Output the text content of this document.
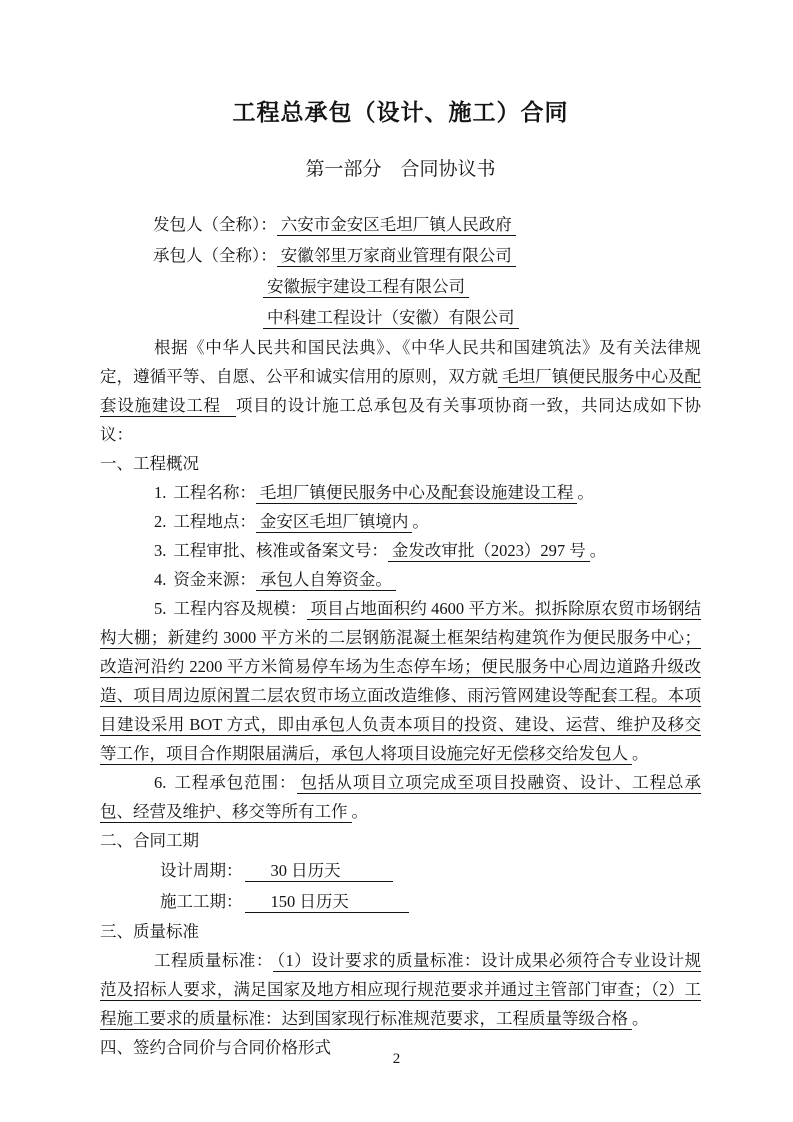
工程总承包（设计、施工）合同
第一部分　合同协议书
发包人（全称）： 六安市金安区毛坦厂镇人民政府
承包人（全称）： 安徽邻里万家商业管理有限公司
安徽振宇建设工程有限公司
中科建工程设计（安徽）有限公司

根据《中华人民共和国民法典》、《中华人民共和国建筑法》及有关法律规定，遵循平等、自愿、公平和诚实信用的原则，双方就 毛坦厂镇便民服务中心及配套设施建设工程 项目的设计施工总承包及有关事项协商一致，共同达成如下协议：

一、工程概况

1. 工程名称： 毛坦厂镇便民服务中心及配套设施建设工程 。

2. 工程地点： 金安区毛坦厂镇境内 。

3. 工程审批、核准或备案文号： 金发改审批（2023）297 号 。

4. 资金来源： 承包人自筹资金。

5. 工程内容及规模： 项目占地面积约 4600 平方米。拟拆除原农贸市场钢结构大棚；新建约 3000 平方米的二层钢筋混凝土框架结构建筑作为便民服务中心；改造河沿约 2200 平方米简易停车场为生态停车场；便民服务中心周边道路升级改造、项目周边原闲置二层农贸市场立面改造维修、雨污管网建设等配套工程。本项目建设采用 BOT 方式，即由承包人负责本项目的投资、建设、运营、维护及移交等工作，项目合作期限届满后，承包人将项目设施完好无偿移交给发包人 。

6. 工程承包范围： 包括从项目立项完成至项目投融资、设计、工程总承包、经营及维护、移交等所有工作 。

二、合同工期

设计周期： 30 日历天

施工工期： 150 日历天

三、质量标准

工程质量标准： （1）设计要求的质量标准：设计成果必须符合专业设计规范及招标人要求，满足国家及地方相应现行规范要求并通过主管部门审查；（2）工程施工要求的质量标准：达到国家现行标准规范要求，工程质量等级合格 。

四、签约合同价与合同价格形式
2
